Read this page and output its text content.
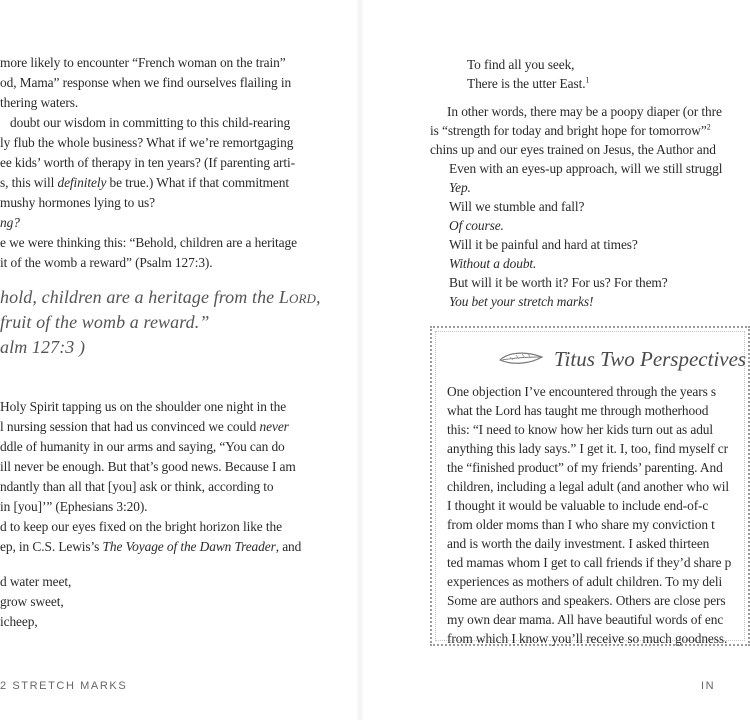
more likely to encounter “French woman on the train”
od, Mama” response when we find ourselves flailing in
thering waters.
doubt our wisdom in committing to this child-rearing
ly flub the whole business? What if we’re remortgaging
ee kids’ worth of therapy in ten years? (If parenting arti-
s, this will definitely be true.) What if that commitment
mushy hormones lying to us?
ng?
e we were thinking this: “Behold, children are a heritage
it of the womb a reward” (Psalm 127:3).
hold, children are a heritage from the Lord,
fruit of the womb a reward.”
alm 127:3 )
Holy Spirit tapping us on the shoulder one night in the
l nursing session that had us convinced we could never
ddle of humanity in our arms and saying, “You can do
ill never be enough. But that’s good news. Because I am
ndantly than all that [you] ask or think, according to
in [you]’” (Ephesians 3:20).
d to keep our eyes fixed on the bright horizon like the
ep, in C.S. Lewis’s The Voyage of the Dawn Treader, and
d water meet,
grow sweet,
icheep,
2 STRETCH MARKS
To find all you seek,
There is the utter East.$^1$
In other words, there may be a poopy diaper (or thre
is “strength for today and bright hope for tomorrow”$^2$
chins up and our eyes trained on Jesus, the Author and
Even with an eyes-up approach, will we still struggl
Yep.
Will we stumble and fall?
Of course.
Will it be painful and hard at times?
Without a doubt.
But will it be worth it? For us? For them?
You bet your stretch marks!
Titus Two Perspectives
One objection I’ve encountered through the years s
what the Lord has taught me through motherhood
this: “I need to know how her kids turn out as adul
anything this lady says.” I get it. I, too, find myself cr
the “finished product” of my friends’ parenting. And
children, including a legal adult (and another who wil
I thought it would be valuable to include end-of-c
from older moms than I who share my conviction t
and is worth the daily investment. I asked thirteen
ted mamas whom I get to call friends if they’d share p
experiences as mothers of adult children. To my deli
Some are authors and speakers. Others are close pers
my own dear mama. All have beautiful words of enc
from which I know you’ll receive so much goodness.
IN
